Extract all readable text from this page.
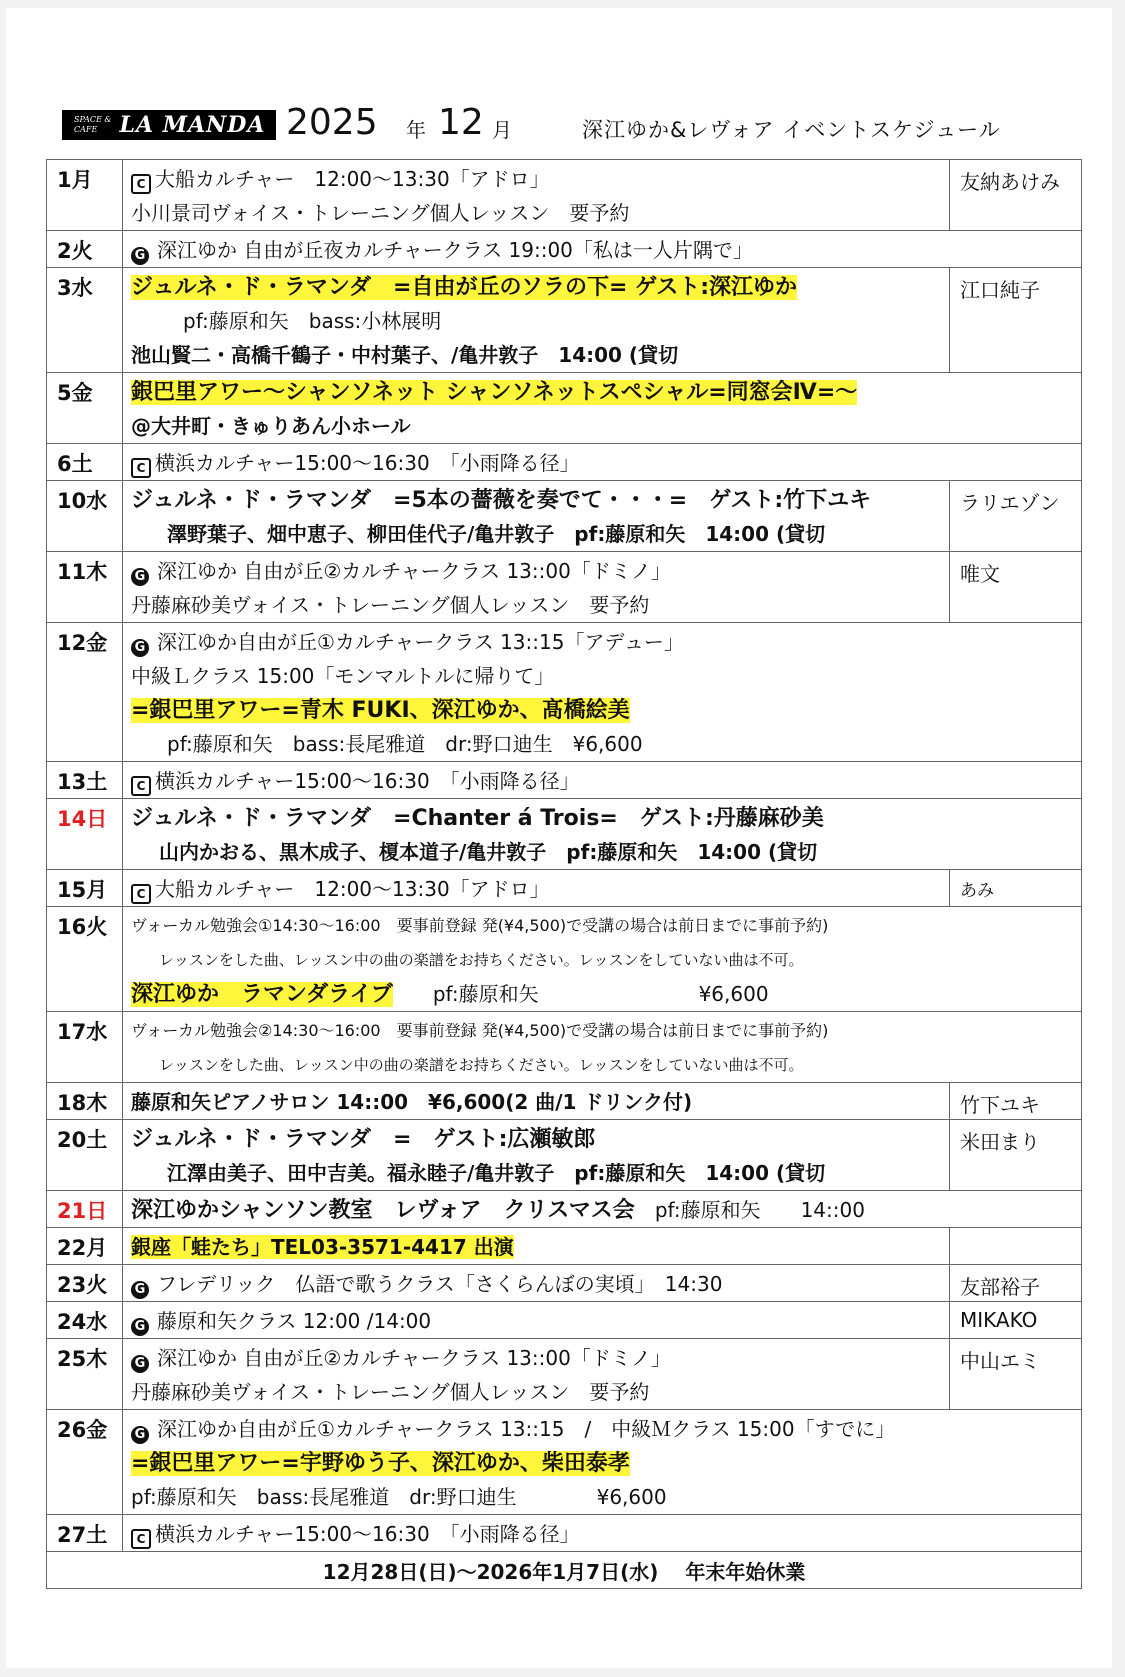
SPACE &
CAFE	LA MANDA 2025 年 12 月	深江ゆか&レヴォア イベントスケジュール
1月	C 大船カルチャー　12:00〜13:30「アドロ」
小川景司ヴォイス・トレーニング個人レッスン　要予約	友納あけみ
2火	G 深江ゆか 自由が丘夜カルチャークラス 19::00「私は一人片隅で」	

3水	ジュルネ・ド・ラマンダ　=自由が丘のソラの下= ゲスト:深江ゆか
pf:藤原和矢　bass:小林展明
池山賢二・高橋千鶴子・中村葉子、/亀井敦子　14:00 (貸切	江口純子
5金	銀巴里アワー〜シャンソネット シャンソネットスペシャル=同窓会Ⅳ=〜
@大井町・きゅりあん小ホール	

6土	C 横浜カルチャー15:00〜16:30　「小雨降る径」	

10水	ジュルネ・ド・ラマンダ　=5本の薔薇を奏でて・・・=　ゲスト:竹下ユキ
澤野葉子、畑中恵子、柳田佳代子/亀井敦子　pf:藤原和矢　14:00 (貸切	ラリエゾン
11木	G 深江ゆか 自由が丘②カルチャークラス 13::00「ドミノ」
丹藤麻砂美ヴォイス・トレーニング個人レッスン　要予約	唯文
12金	G 深江ゆか自由が丘①カルチャークラス 13::15「アデュー」
中級Ｌクラス 15:00「モンマルトルに帰りて」
=銀巴里アワー=青木 FUKI、深江ゆか、髙橋絵美
pf:藤原和矢　bass:長尾雅道　dr:野口迪生　¥6,600	

13土	C 横浜カルチャー15:00〜16:30　「小雨降る径」	

14日	ジュルネ・ド・ラマンダ　=Chanter á Trois=　ゲスト:丹藤麻砂美
山内かおる、黒木成子、榎本道子/亀井敦子　pf:藤原和矢　14:00 (貸切	

15月	C 大船カルチャー　12:00〜13:30「アドロ」	あみ
16火	ヴォーカル勉強会①14:30〜16:00　要事前登録 発(¥4,500)で受講の場合は前日までに事前予約)
レッスンをした曲、レッスン中の曲の楽譜をお持ちください。レッスンをしていない曲は不可。
深江ゆか　ラマンダライブ pf:藤原和矢 ¥6,600	

17水	ヴォーカル勉強会②14:30〜16:00　要事前登録 発(¥4,500)で受講の場合は前日までに事前予約)
レッスンをした曲、レッスン中の曲の楽譜をお持ちください。レッスンをしていない曲は不可。	

18木	藤原和矢ピアノサロン 14::00　¥6,600(2 曲/1 ドリンク付)	竹下ユキ
20土	ジュルネ・ド・ラマンダ　=　ゲスト:広瀬敏郎
江澤由美子、田中吉美。福永睦子/亀井敦子　pf:藤原和矢　14:00 (貸切	米田まり
21日	深江ゆかシャンソン教室　レヴォア　クリスマス会 pf:藤原和矢 14::00	

22月	銀座「蛙たち」TEL03-3571-4417 出演	

23火	G フレデリック　仏語で歌うクラス「さくらんぼの実頃」　14:30	友部裕子
24水	G 藤原和矢クラス 12:00 /14:00	MIKAKO
25木	G 深江ゆか 自由が丘②カルチャークラス 13::00「ドミノ」
丹藤麻砂美ヴォイス・トレーニング個人レッスン　要予約	中山エミ
26金	G 深江ゆか自由が丘①カルチャークラス 13::15　/　中級Ｍクラス 15:00「すでに」
=銀巴里アワー=宇野ゆう子、深江ゆか、柴田泰孝
pf:藤原和矢　bass:長尾雅道　dr:野口迪生 ¥6,600	

27土	C 横浜カルチャー15:00〜16:30　「小雨降る径」	

12月28日(日)〜2026年1月7日(水)　 年末年始休業		
